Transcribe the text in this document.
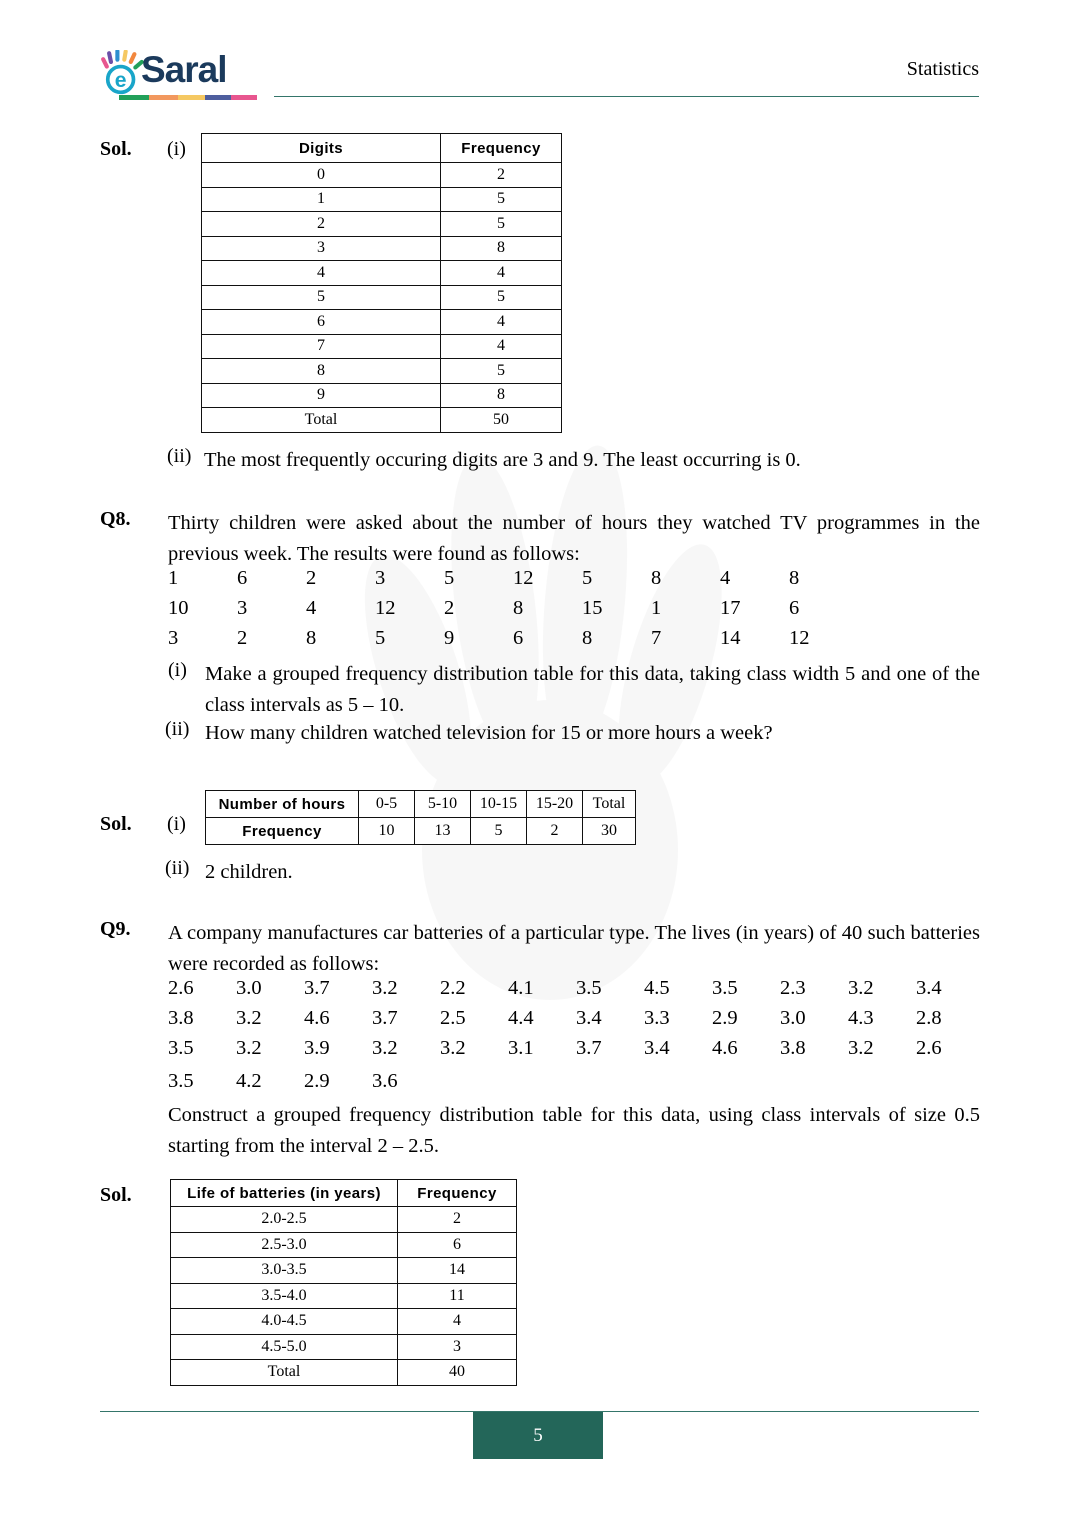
e Saral	Statistics
Sol. (i)	Digits	Frequency
0	2
1	5
2	5
3	8
4	4
5	5
6	4
7	4
8	5
9	8
Total	50
(ii) The most frequently occuring digits are 3 and 9. The least occurring is 0.
Q8. Thirty children were asked about the number of hours they watched TV programmes in the previous week. The results were found as follows:
1	6	2	3	5	12	5	8	4	8
10	3	4	12	2	8	15	1	17	6
3	2	8	5	9	6	8	7	14	12
(i) Make a grouped frequency distribution table for this data, taking class width 5 and one of the class intervals as 5 – 10.
(ii) How many children watched television for 15 or more hours a week?
Sol. (i)
Number of hours	0-5	5-10	10-15	15-20	Total
Frequency	10	13	5	2	30
(ii) 2 children.
Q9. A company manufactures car batteries of a particular type. The lives (in years) of 40 such batteries were recorded as follows:
2.6	3.0	3.7	3.2	2.2	4.1	3.5	4.5	3.5	2.3	3.2	3.4
3.8	3.2	4.6	3.7	2.5	4.4	3.4	3.3	2.9	3.0	4.3	2.8
3.5	3.2	3.9	3.2	3.2	3.1	3.7	3.4	4.6	3.8	3.2	2.6
3.5	4.2	2.9	3.6
Construct a grouped frequency distribution table for this data, using class intervals of size 0.5 starting from the interval 2 – 2.5.
Sol.	Life of batteries (in years)	Frequency
2.0-2.5	2
2.5-3.0	6
3.0-3.5	14
3.5-4.0	11
4.0-4.5	4
4.5-5.0	3
Total	40
5
